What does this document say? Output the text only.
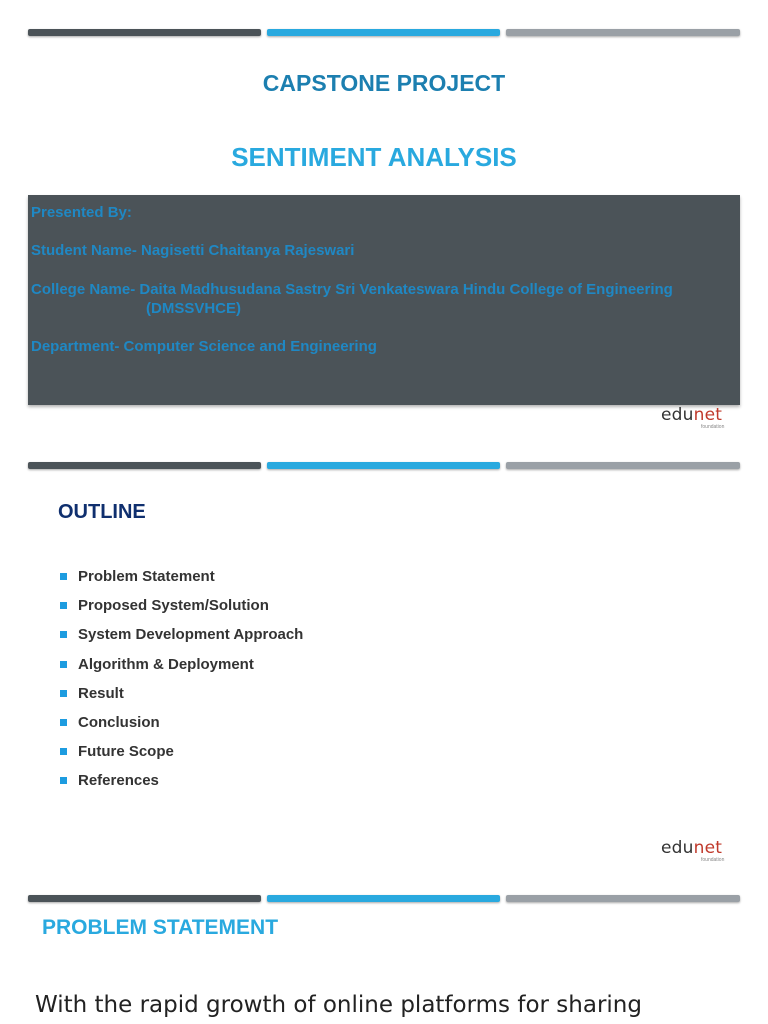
CAPSTONE PROJECT
SENTIMENT ANALYSIS
Presented By:
Student Name- Nagisetti Chaitanya Rajeswari
College Name- Daita Madhusudana Sastry Sri Venkateswara Hindu College of Engineering
(DMSSVHCE)
Department- Computer Science and Engineering
edunet
foundation
OUTLINE
Problem Statement
Proposed System/Solution
System Development Approach
Algorithm & Deployment
Result
Conclusion
Future Scope
References
edunet
foundation
PROBLEM STATEMENT
With the rapid growth of online platforms for sharing
